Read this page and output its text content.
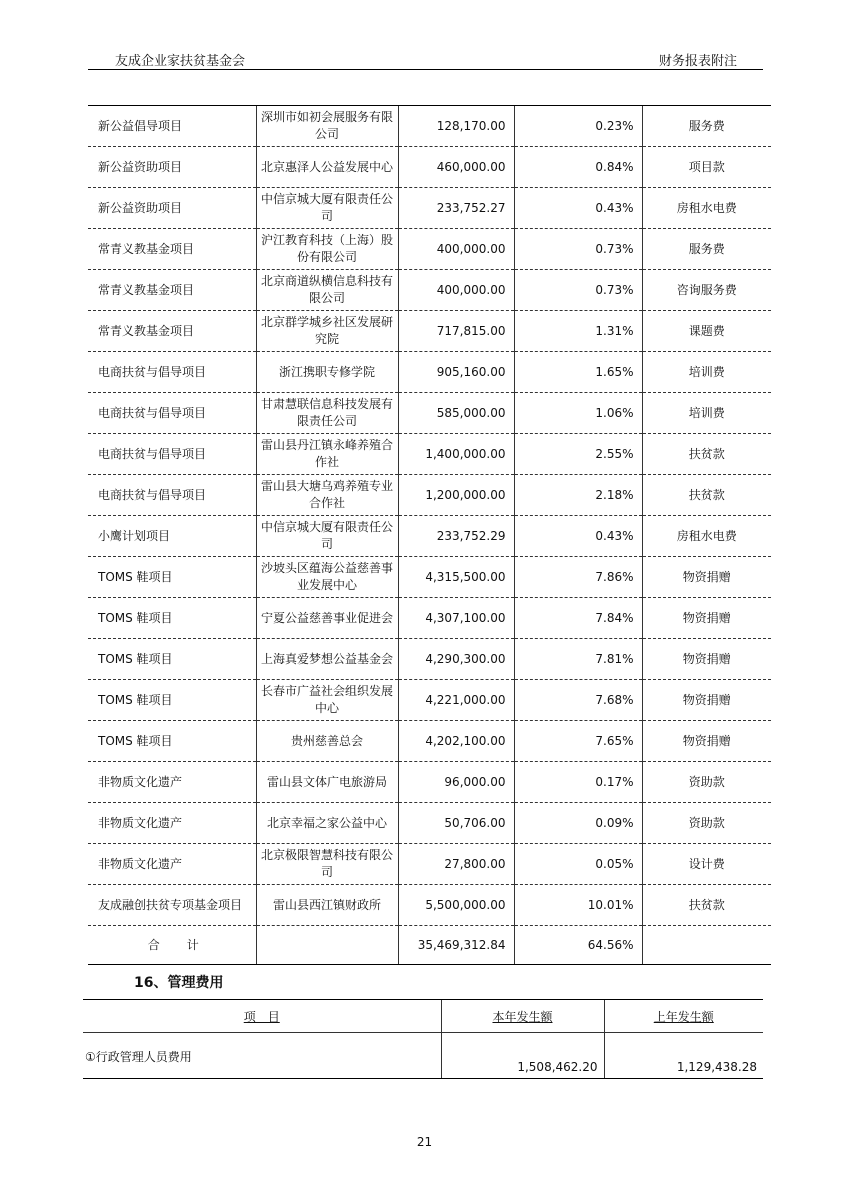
友成企业家扶贫基金会	财务报表附注
新公益倡导项目	深圳市如初会展服务有限公司	128,170.00	0.23%	服务费
新公益资助项目	北京惠泽人公益发展中心	460,000.00	0.84%	项目款
新公益资助项目	中信京城大厦有限责任公司	233,752.27	0.43%	房租水电费
常青义教基金项目	沪江教育科技（上海）股份有限公司	400,000.00	0.73%	服务费
常青义教基金项目	北京商道纵横信息科技有限公司	400,000.00	0.73%	咨询服务费
常青义教基金项目	北京群学城乡社区发展研究院	717,815.00	1.31%	课题费
电商扶贫与倡导项目	浙江携职专修学院	905,160.00	1.65%	培训费
电商扶贫与倡导项目	甘肃慧联信息科技发展有限责任公司	585,000.00	1.06%	培训费
电商扶贫与倡导项目	雷山县丹江镇永峰养殖合作社	1,400,000.00	2.55%	扶贫款
电商扶贫与倡导项目	雷山县大塘乌鸡养殖专业合作社	1,200,000.00	2.18%	扶贫款
小鹰计划项目	中信京城大厦有限责任公司	233,752.29	0.43%	房租水电费
TOMS 鞋项目	沙坡头区蕴海公益慈善事业发展中心	4,315,500.00	7.86%	物资捐赠
TOMS 鞋项目	宁夏公益慈善事业促进会	4,307,100.00	7.84%	物资捐赠
TOMS 鞋项目	上海真爱梦想公益基金会	4,290,300.00	7.81%	物资捐赠
TOMS 鞋项目	长春市广益社会组织发展中心	4,221,000.00	7.68%	物资捐赠
TOMS 鞋项目	贵州慈善总会	4,202,100.00	7.65%	物资捐赠
非物质文化遗产	雷山县文体广电旅游局	96,000.00	0.17%	资助款
非物质文化遗产	北京幸福之家公益中心	50,706.00	0.09%	资助款
非物质文化遗产	北京极限智慧科技有限公司	27,800.00	0.05%	设计费
友成融创扶贫专项基金项目	雷山县西江镇财政所	5,500,000.00	10.01%	扶贫款
合　　计		35,469,312.84	64.56%	
16、管理费用
项　目	本年发生额	上年发生额
①行政管理人员费用	1,508,462.20	1,129,438.28
21
